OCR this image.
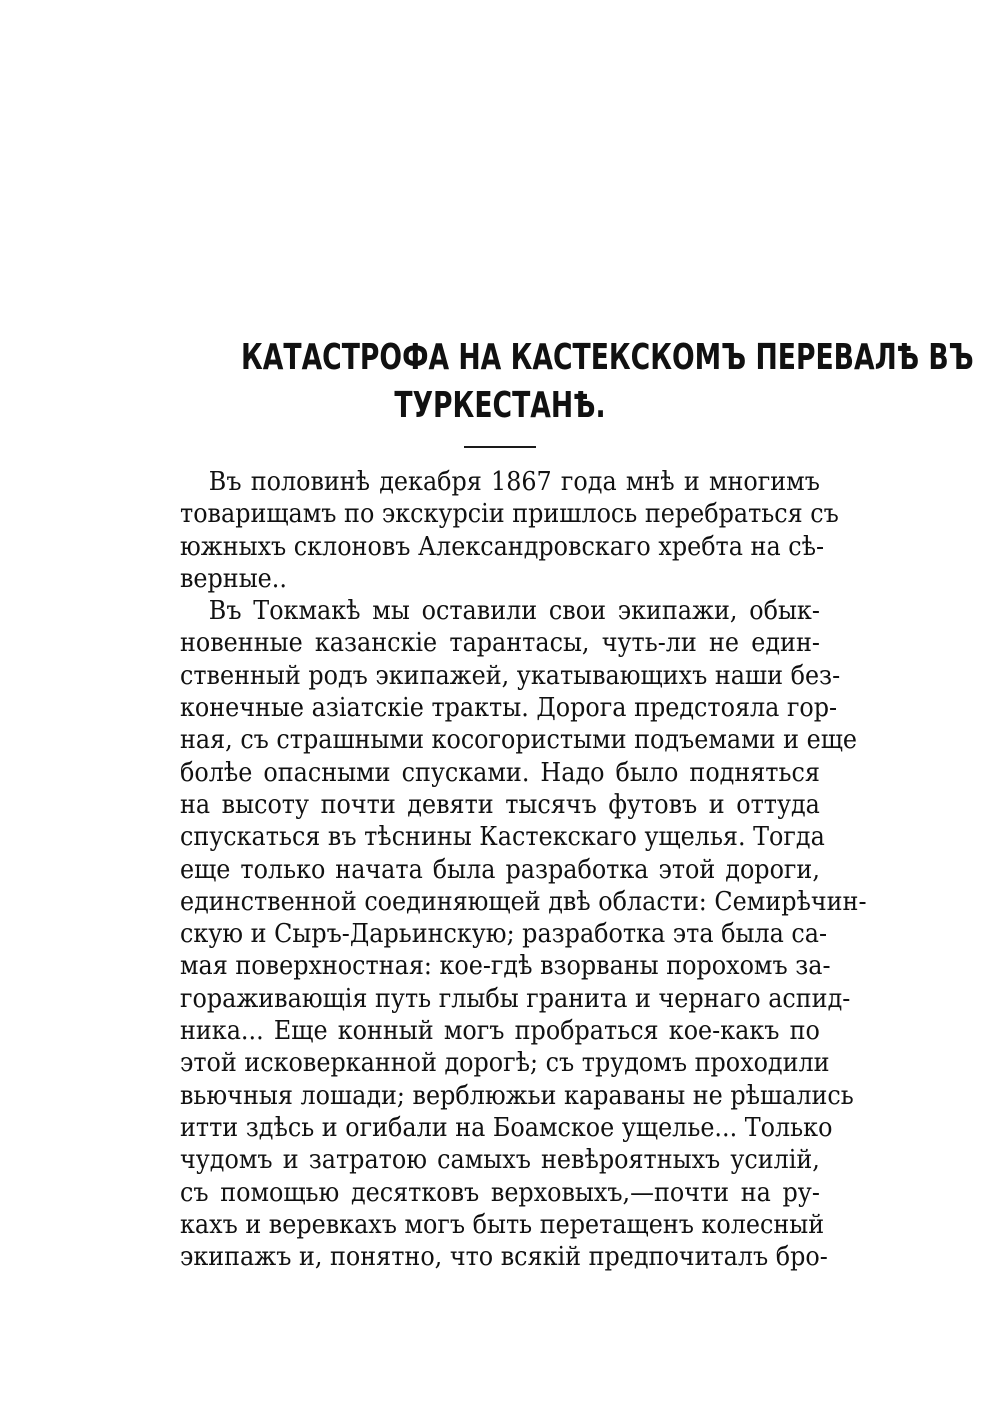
КАТАСТРОФА НА КАСТЕКСКОМЪ ПЕРЕВАЛѢ ВЪ
ТУРКЕСТАНѢ.
Въ половинѣ декабря 1867 года мнѣ и многимъ
товарищамъ по экскурсіи пришлось перебраться съ
южныхъ склоновъ Александровскаго хребта на сѣ-
верные..
Въ Токмакѣ мы оставили свои экипажи, обык-
новенные казанскіе тарантасы, чуть-ли не един-
ственный родъ экипажей, укатывающихъ наши без-
конечные азіатскіе тракты. Дорога предстояла гор-
ная, съ страшными косогористыми подъемами и еще
болѣе опасными спусками. Надо было подняться
на высоту почти девяти тысячъ футовъ и оттуда
спускаться въ тѣснины Кастекскаго ущелья. Тогда
еще только начата была разработка этой дороги,
единственной соединяющей двѣ области: Семирѣчин-
скую и Сыръ-Дарьинскую; разработка эта была са-
мая поверхностная: кое-гдѣ взорваны порохомъ за-
гораживающія путь глыбы гранита и чернаго аспид-
ника... Еще конный могъ пробраться кое-какъ по
этой исковерканной дорогѣ; съ трудомъ проходили
вьючныя лошади; верблюжьи караваны не рѣшались
итти здѣсь и огибали на Боамское ущелье... Только
чудомъ и затратою самыхъ невѣроятныхъ усилій,
съ помощью десятковъ верховыхъ,—почти на ру-
кахъ и веревкахъ могъ быть перетащенъ колесный
экипажъ и, понятно, что всякій предпочиталъ бро-
